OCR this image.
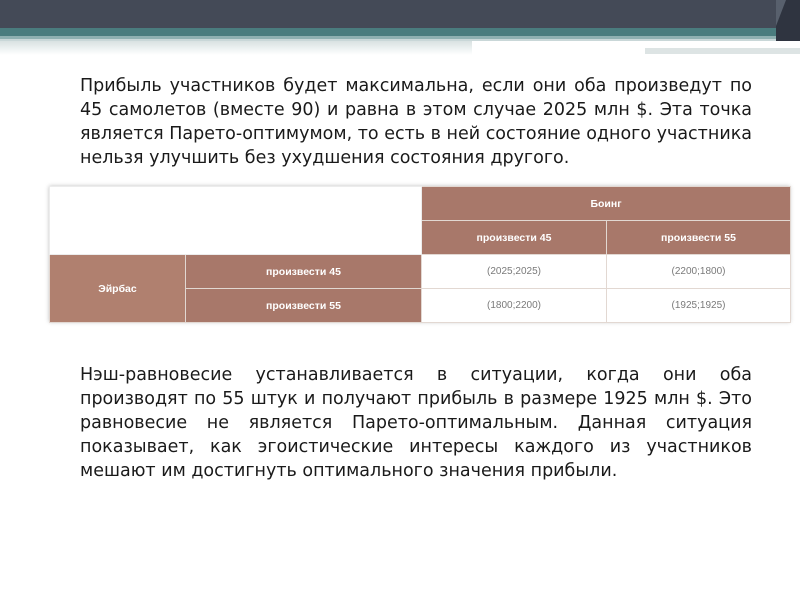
Прибыль участников будет максимальна, если они оба произведут по 45 самолетов (вместе 90) и равна в этом случае 2025 млн $. Эта точка является Парето-оптимумом, то есть в ней состояние одного участника нельзя улучшить без ухудшения состояния другого.

		Боинг	
		произвести 45	произвести 55
Эйрбас	произвести 45	(2025;2025)	(2200;1800)
	произвести 55	(1800;2200)	(1925;1925)

Нэш-равновесие устанавливается в ситуации, когда они оба производят по 55 штук и получают прибыль в размере 1925 млн $. Это равновесие не является Парето-оптимальным. Данная ситуация показывает, как эгоистические интересы каждого из участников мешают им достигнуть оптимального значения прибыли.
